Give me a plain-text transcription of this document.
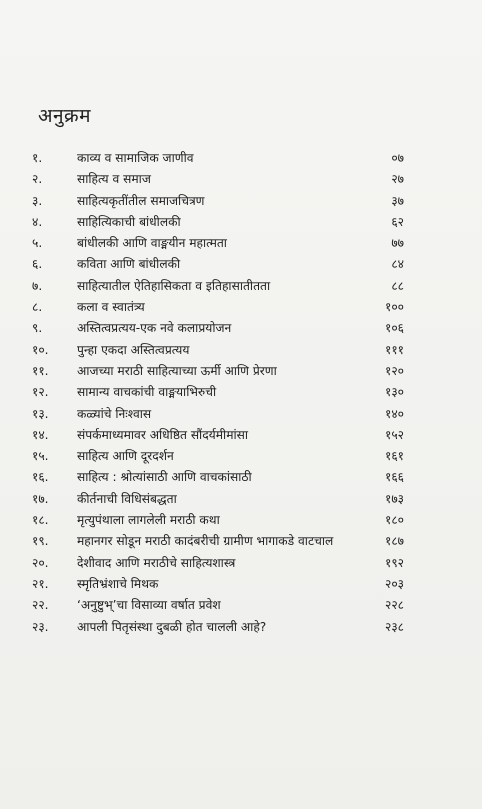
अनुक्रम
१.	काव्य व सामाजिक जाणीव	०७
२.	साहित्य व समाज	२७
३.	साहित्यकृतींतील समाजचित्रण	३७
४.	साहित्यिकाची बांधीलकी	६२
५.	बांधीलकी आणि वाङ्मयीन महात्मता	७७
६.	कविता आणि बांधीलकी	८४
७.	साहित्यातील ऐतिहासिकता व इतिहासातीतता	८८
८.	कला व स्वातंत्र्य	१००
९.	अस्तित्वप्रत्यय-एक नवे कलाप्रयोजन	१०६
१०. पुन्हा एकदा अस्तित्वप्रत्यय	१११
११. आजच्या मराठी साहित्याच्या ऊर्मी आणि प्रेरणा	१२०
१२. सामान्य वाचकांची वाङ्मयाभिरुची	१३०
१३. कळ्यांचे निःश्वास	१४०
१४. संपर्कमाध्यमावर अधिष्ठित सौंदर्यमीमांसा	१५२
१५. साहित्य आणि दूरदर्शन	१६१
१६. साहित्य : श्रोत्यांसाठी आणि वाचकांसाठी	१६६
१७. कीर्तनाची विधिसंबद्धता	१७३
१८. मृत्युपंथाला लागलेली मराठी कथा	१८०
१९. महानगर सोडून मराठी कादंबरीची ग्रामीण भागाकडे वाटचाल	१८७
२०. देशीवाद आणि मराठीचे साहित्यशास्त्र	१९२
२१. स्मृतिभ्रंशाचे मिथक	२०३
२२. ‘अनुष्टुभ्’चा विसाव्या वर्षात प्रवेश	२२८
२३. आपली पितृसंस्था दुबळी होत चालली आहे?	२३८
